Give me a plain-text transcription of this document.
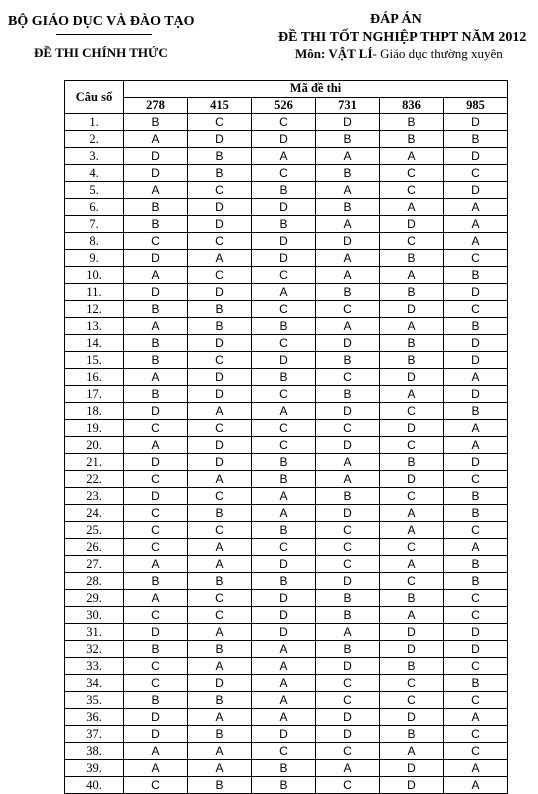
BỘ GIÁO DỤC VÀ ĐÀO TẠO
ĐỀ THI CHÍNH THỨC
ĐÁP ÁN
ĐỀ THI TỐT NGHIỆP THPT NĂM 2012
Môn: VẬT LÍ- Giáo dục thường xuyên
Câu số	Mã đề thi					
	278	415	526	731	836	985
1.	B	C	C	D	B	D
2.	A	D	D	B	B	B
3.	D	B	A	A	A	D
4.	D	B	C	B	C	C
5.	A	C	B	A	C	D
6.	B	D	D	B	A	A
7.	B	D	B	A	D	A
8.	C	C	D	D	C	A
9.	D	A	D	A	B	C
10.	A	C	C	A	A	B
11.	D	D	A	B	B	D
12.	B	B	C	C	D	C
13.	A	B	B	A	A	B
14.	B	D	C	D	B	D
15.	B	C	D	B	B	D
16.	A	D	B	C	D	A
17.	B	D	C	B	A	D
18.	D	A	A	D	C	B
19.	C	C	C	C	D	A
20.	A	D	C	D	C	A
21.	D	D	B	A	B	D
22.	C	A	B	A	D	C
23.	D	C	A	B	C	B
24.	C	B	A	D	A	B
25.	C	C	B	C	A	C
26.	C	A	C	C	C	A
27.	A	A	D	C	A	B
28.	B	B	B	D	C	B
29.	A	C	D	B	B	C
30.	C	C	D	B	A	C
31.	D	A	D	A	D	D
32.	B	B	A	B	D	D
33.	C	A	A	D	B	C
34.	C	D	A	C	C	B
35.	B	B	A	C	C	C
36.	D	A	A	D	D	A
37.	D	B	D	D	B	C
38.	A	A	C	C	A	C
39.	A	A	B	A	D	A
40.	C	B	B	C	D	A
